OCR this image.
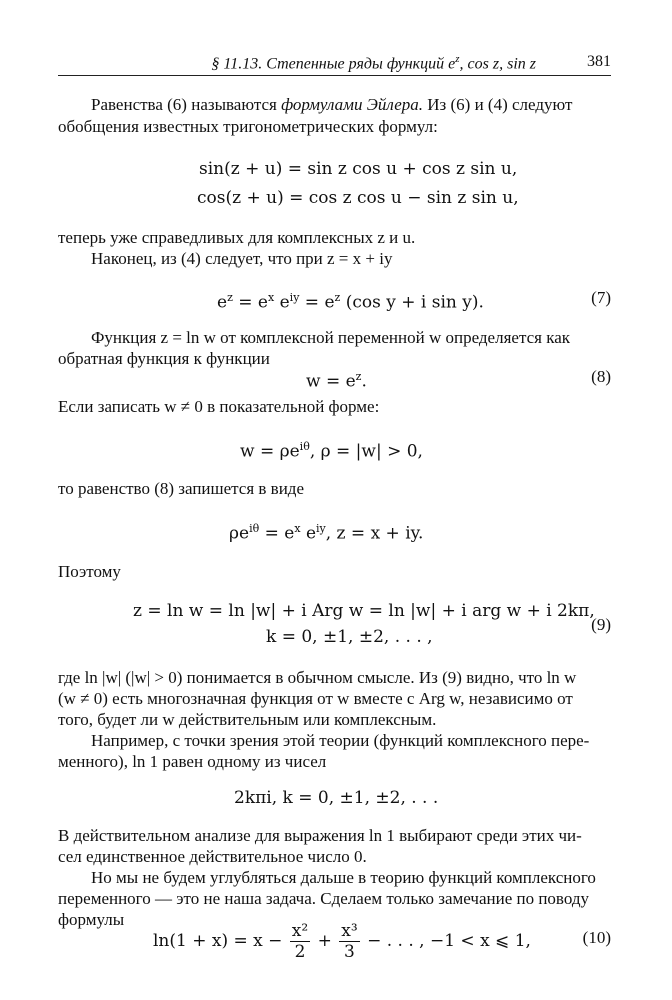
§ 11.13. Степенные ряды функций $e^z$, cos z, sin z	381
Равенства (6) называются формулами Эйлера. Из (6) и (4) следуют
обобщения известных тригонометрических формул:
sin(z + u) = sin z cos u + cos z sin u,
cos(z + u) = cos z cos u − sin z sin u,
теперь уже справедливых для комплексных z и u.
Наконец, из (4) следует, что при z = x + iy
$e^z = e^x$ $e^{iy} = e^z$ (cos y + i sin y).	(7)
Функция z = ln w от комплексной переменной w определяется как
обратная функция к функции
$w = e^z$.	(8)
Если записать w ≠ 0 в показательной форме:
$w = \rho e^{i\theta}$, ρ = |w| > 0,
то равенство (8) запишется в виде
$\rho e^{i\theta} = e^x$ $e^{iy}$, z = x + iy.
Поэтому
z = ln w = ln |w| + i Arg w = ln |w| + i arg w + i 2kπ,
k = 0, ±1, ±2, . . . ,
(9)
где ln |w| (|w| > 0) понимается в обычном смысле. Из (9) видно, что ln w
(w ≠ 0) есть многозначная функция от w вместе с Arg w, независимо от
того, будет ли w действительным или комплексным.
Например, с точки зрения этой теории (функций комплексного пере-
менного), ln 1 равен одному из чисел
2kπi, k = 0, ±1, ±2, . . .
В действительном анализе для выражения ln 1 выбирают среди этих чи-
сел единственное действительное число 0.
Но мы не будем углубляться дальше в теорию функций комплексного
переменного — это не наша задача. Сделаем только замечание по поводу
формулы
$\ln(1 + x) = x - \frac{\text{x²}}{2} + \frac{\text{x³}}{3}$ − . . . , −1 < x ⩽ 1,	(10)
